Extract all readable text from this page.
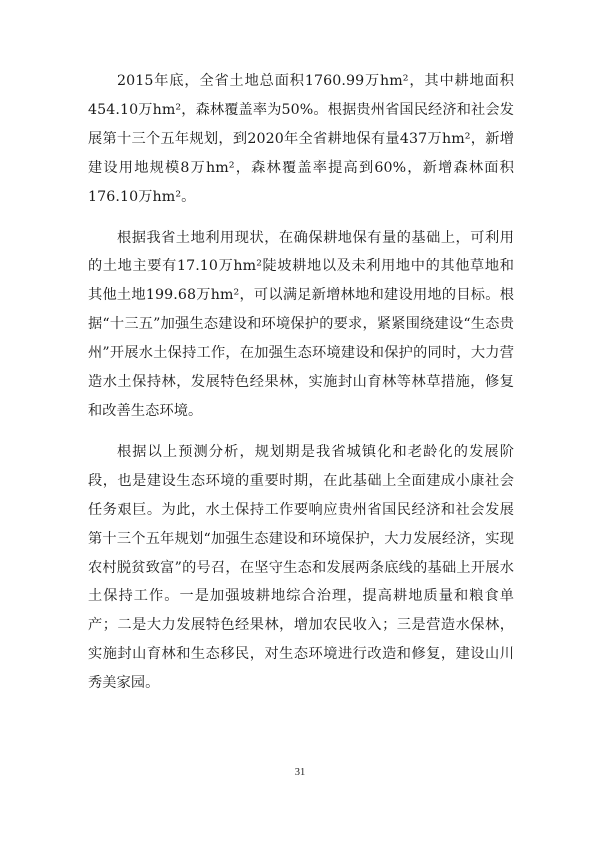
2015年底，全省土地总面积1760.99万hm²，其中耕地面积454.10万hm²，森林覆盖率为50%。根据贵州省国民经济和社会发展第十三个五年规划，到2020年全省耕地保有量437万hm²，新增建设用地规模8万hm²，森林覆盖率提高到60%，新增森林面积176.10万hm²。

根据我省土地利用现状，在确保耕地保有量的基础上，可利用的土地主要有17.10万hm²陡坡耕地以及未利用地中的其他草地和其他土地199.68万hm²，可以满足新增林地和建设用地的目标。根据“十三五”加强生态建设和环境保护的要求，紧紧围绕建设“生态贵州”开展水土保持工作，在加强生态环境建设和保护的同时，大力营造水土保持林，发展特色经果林，实施封山育林等林草措施，修复和改善生态环境。

根据以上预测分析，规划期是我省城镇化和老龄化的发展阶段，也是建设生态环境的重要时期，在此基础上全面建成小康社会任务艰巨。为此，水土保持工作要响应贵州省国民经济和社会发展第十三个五年规划“加强生态建设和环境保护，大力发展经济，实现农村脱贫致富”的号召，在坚守生态和发展两条底线的基础上开展水土保持工作。一是加强坡耕地综合治理，提高耕地质量和粮食单产；二是大力发展特色经果林，增加农民收入；三是营造水保林，实施封山育林和生态移民，对生态环境进行改造和修复，建设山川秀美家园。

31
